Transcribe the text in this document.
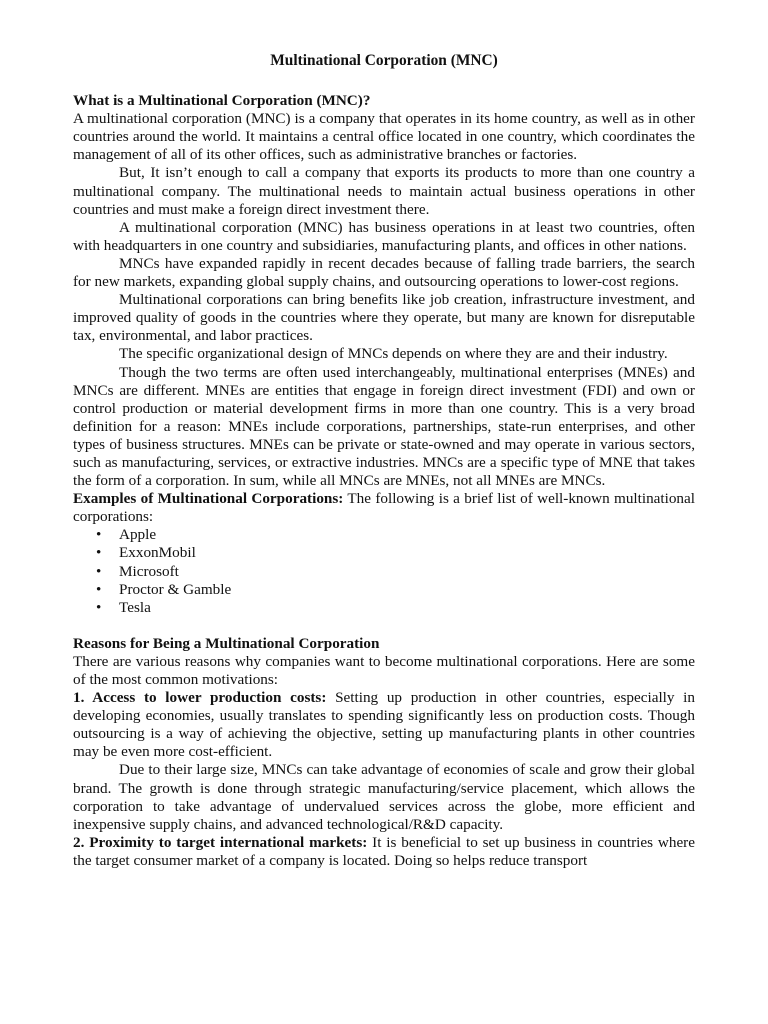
Multinational Corporation (MNC)
What is a Multinational Corporation (MNC)?

A multinational corporation (MNC) is a company that operates in its home country, as well as in other countries around the world. It maintains a central office located in one country, which coordinates the management of all of its other offices, such as administrative branches or factories.

But, It isn’t enough to call a company that exports its products to more than one country a multinational company. The multinational needs to maintain actual business operations in other countries and must make a foreign direct investment there.

A multinational corporation (MNC) has business operations in at least two countries, often with headquarters in one country and subsidiaries, manufacturing plants, and offices in other nations.

MNCs have expanded rapidly in recent decades because of falling trade barriers, the search for new markets, expanding global supply chains, and outsourcing operations to lower-cost regions.

Multinational corporations can bring benefits like job creation, infrastructure investment, and improved quality of goods in the countries where they operate, but many are known for disreputable tax, environmental, and labor practices.

The specific organizational design of MNCs depends on where they are and their industry.

Though the two terms are often used interchangeably, multinational enterprises (MNEs) and MNCs are different. MNEs are entities that engage in foreign direct investment (FDI) and own or control production or material development firms in more than one country. This is a very broad definition for a reason: MNEs include corporations, partnerships, state-run enterprises, and other types of business structures. MNEs can be private or state-owned and may operate in various sectors, such as manufacturing, services, or extractive industries. MNCs are a specific type of MNE that takes the form of a corporation. In sum, while all MNCs are MNEs, not all MNEs are MNCs.

Examples of Multinational Corporations: The following is a brief list of well-known multinational corporations:

• Apple
• ExxonMobil
• Microsoft
• Proctor & Gamble
• Tesla
Reasons for Being a Multinational Corporation

There are various reasons why companies want to become multinational corporations. Here are some of the most common motivations:

1. Access to lower production costs: Setting up production in other countries, especially in developing economies, usually translates to spending significantly less on production costs. Though outsourcing is a way of achieving the objective, setting up manufacturing plants in other countries may be even more cost-efficient.

Due to their large size, MNCs can take advantage of economies of scale and grow their global brand. The growth is done through strategic manufacturing/service placement, which allows the corporation to take advantage of undervalued services across the globe, more efficient and inexpensive supply chains, and advanced technological/R&D capacity.

2. Proximity to target international markets: It is beneficial to set up business in countries where the target consumer market of a company is located. Doing so helps reduce transport
